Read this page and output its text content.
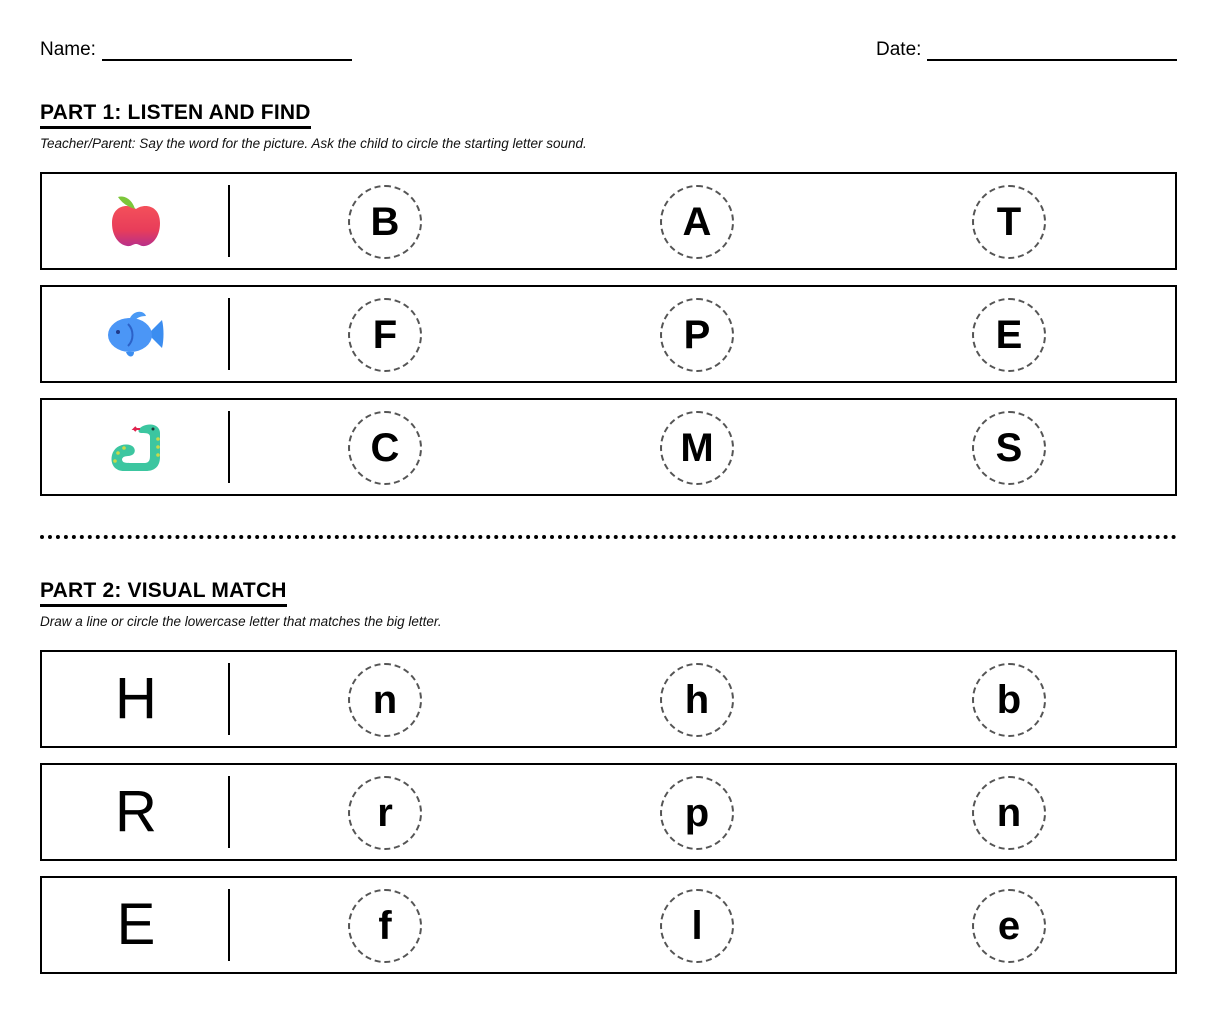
Name:	Date:
PART 1: LISTEN AND FIND
Teacher/Parent: Say the word for the picture. Ask the child to circle the starting letter sound.
B	A	T
F	P	E
C	M	S
PART 2: VISUAL MATCH
Draw a line or circle the lowercase letter that matches the big letter.
H	n	h	b
R	r	p	n
E	f	l	e
